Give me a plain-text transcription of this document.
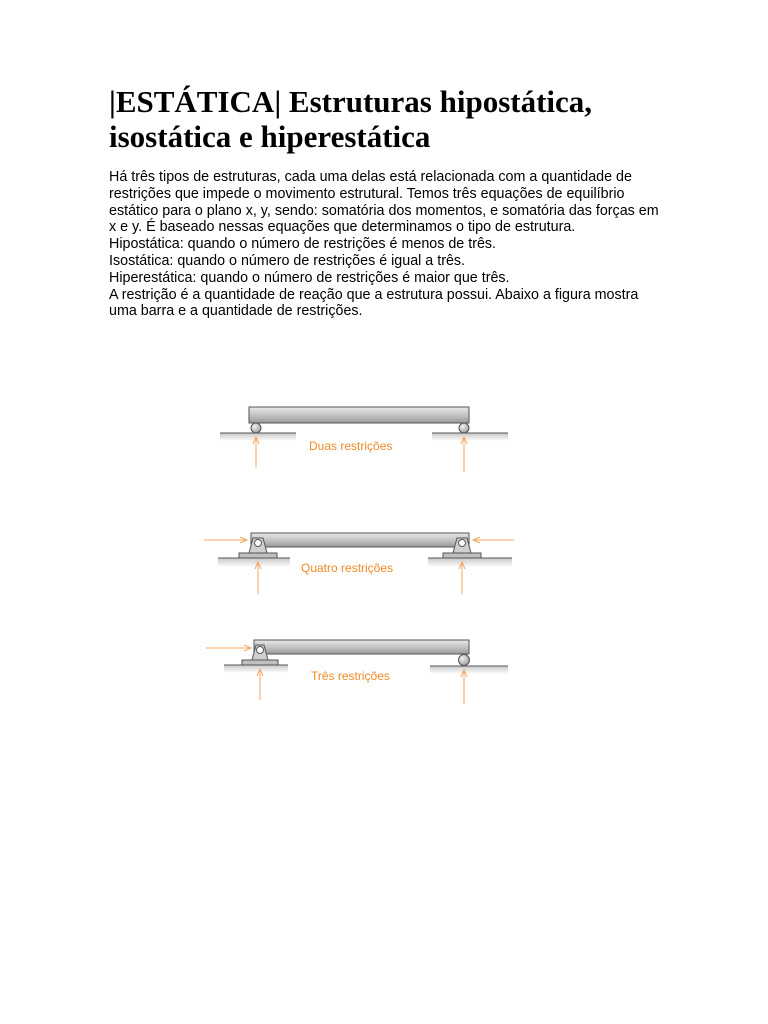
|ESTÁTICA| Estruturas hipostática, isostática e hiperestática

Há três tipos de estruturas, cada uma delas está relacionada com a quantidade de restrições que impede o movimento estrutural. Temos três equações de equilíbrio estático para o plano x, y, sendo: somatória dos momentos, e somatória das forças em x e y. É baseado nessas equações que determinamos o tipo de estrutura.

Hipostática: quando o número de restrições é menos de três.

Isostática: quando o número de restrições é igual a três.

Hiperestática: quando o número de restrições é maior que três.

A restrição é a quantidade de reação que a estrutura possui. Abaixo a figura mostra uma barra e a quantidade de restrições.

Duas restrições
Quatro restrições
Três restrições
